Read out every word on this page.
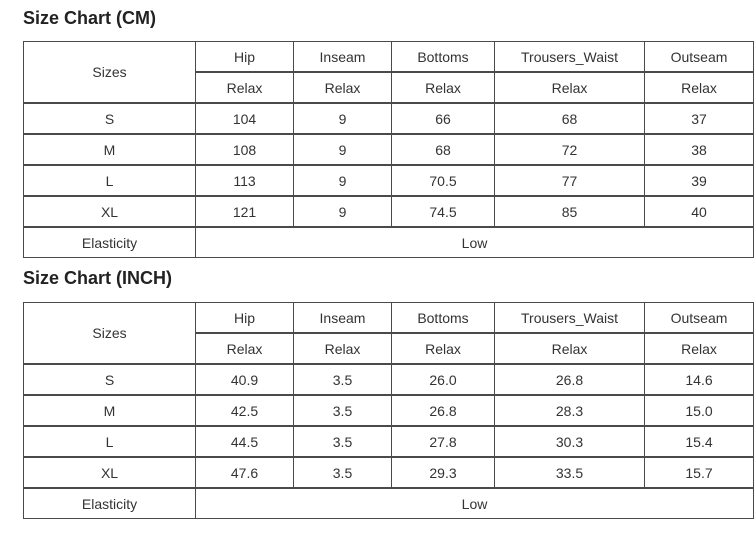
Size Chart (CM)
Sizes	Hip	Inseam	Bottoms	Trousers_Waist	Outseam
	Relax	Relax	Relax	Relax	Relax
S	104	9	66	68	37
M	108	9	68	72	38
L	113	9	70.5	77	39
XL	121	9	74.5	85	40
Elasticity	Low				
Size Chart (INCH)
Sizes	Hip	Inseam	Bottoms	Trousers_Waist	Outseam
	Relax	Relax	Relax	Relax	Relax
S	40.9	3.5	26.0	26.8	14.6
M	42.5	3.5	26.8	28.3	15.0
L	44.5	3.5	27.8	30.3	15.4
XL	47.6	3.5	29.3	33.5	15.7
Elasticity	Low				
